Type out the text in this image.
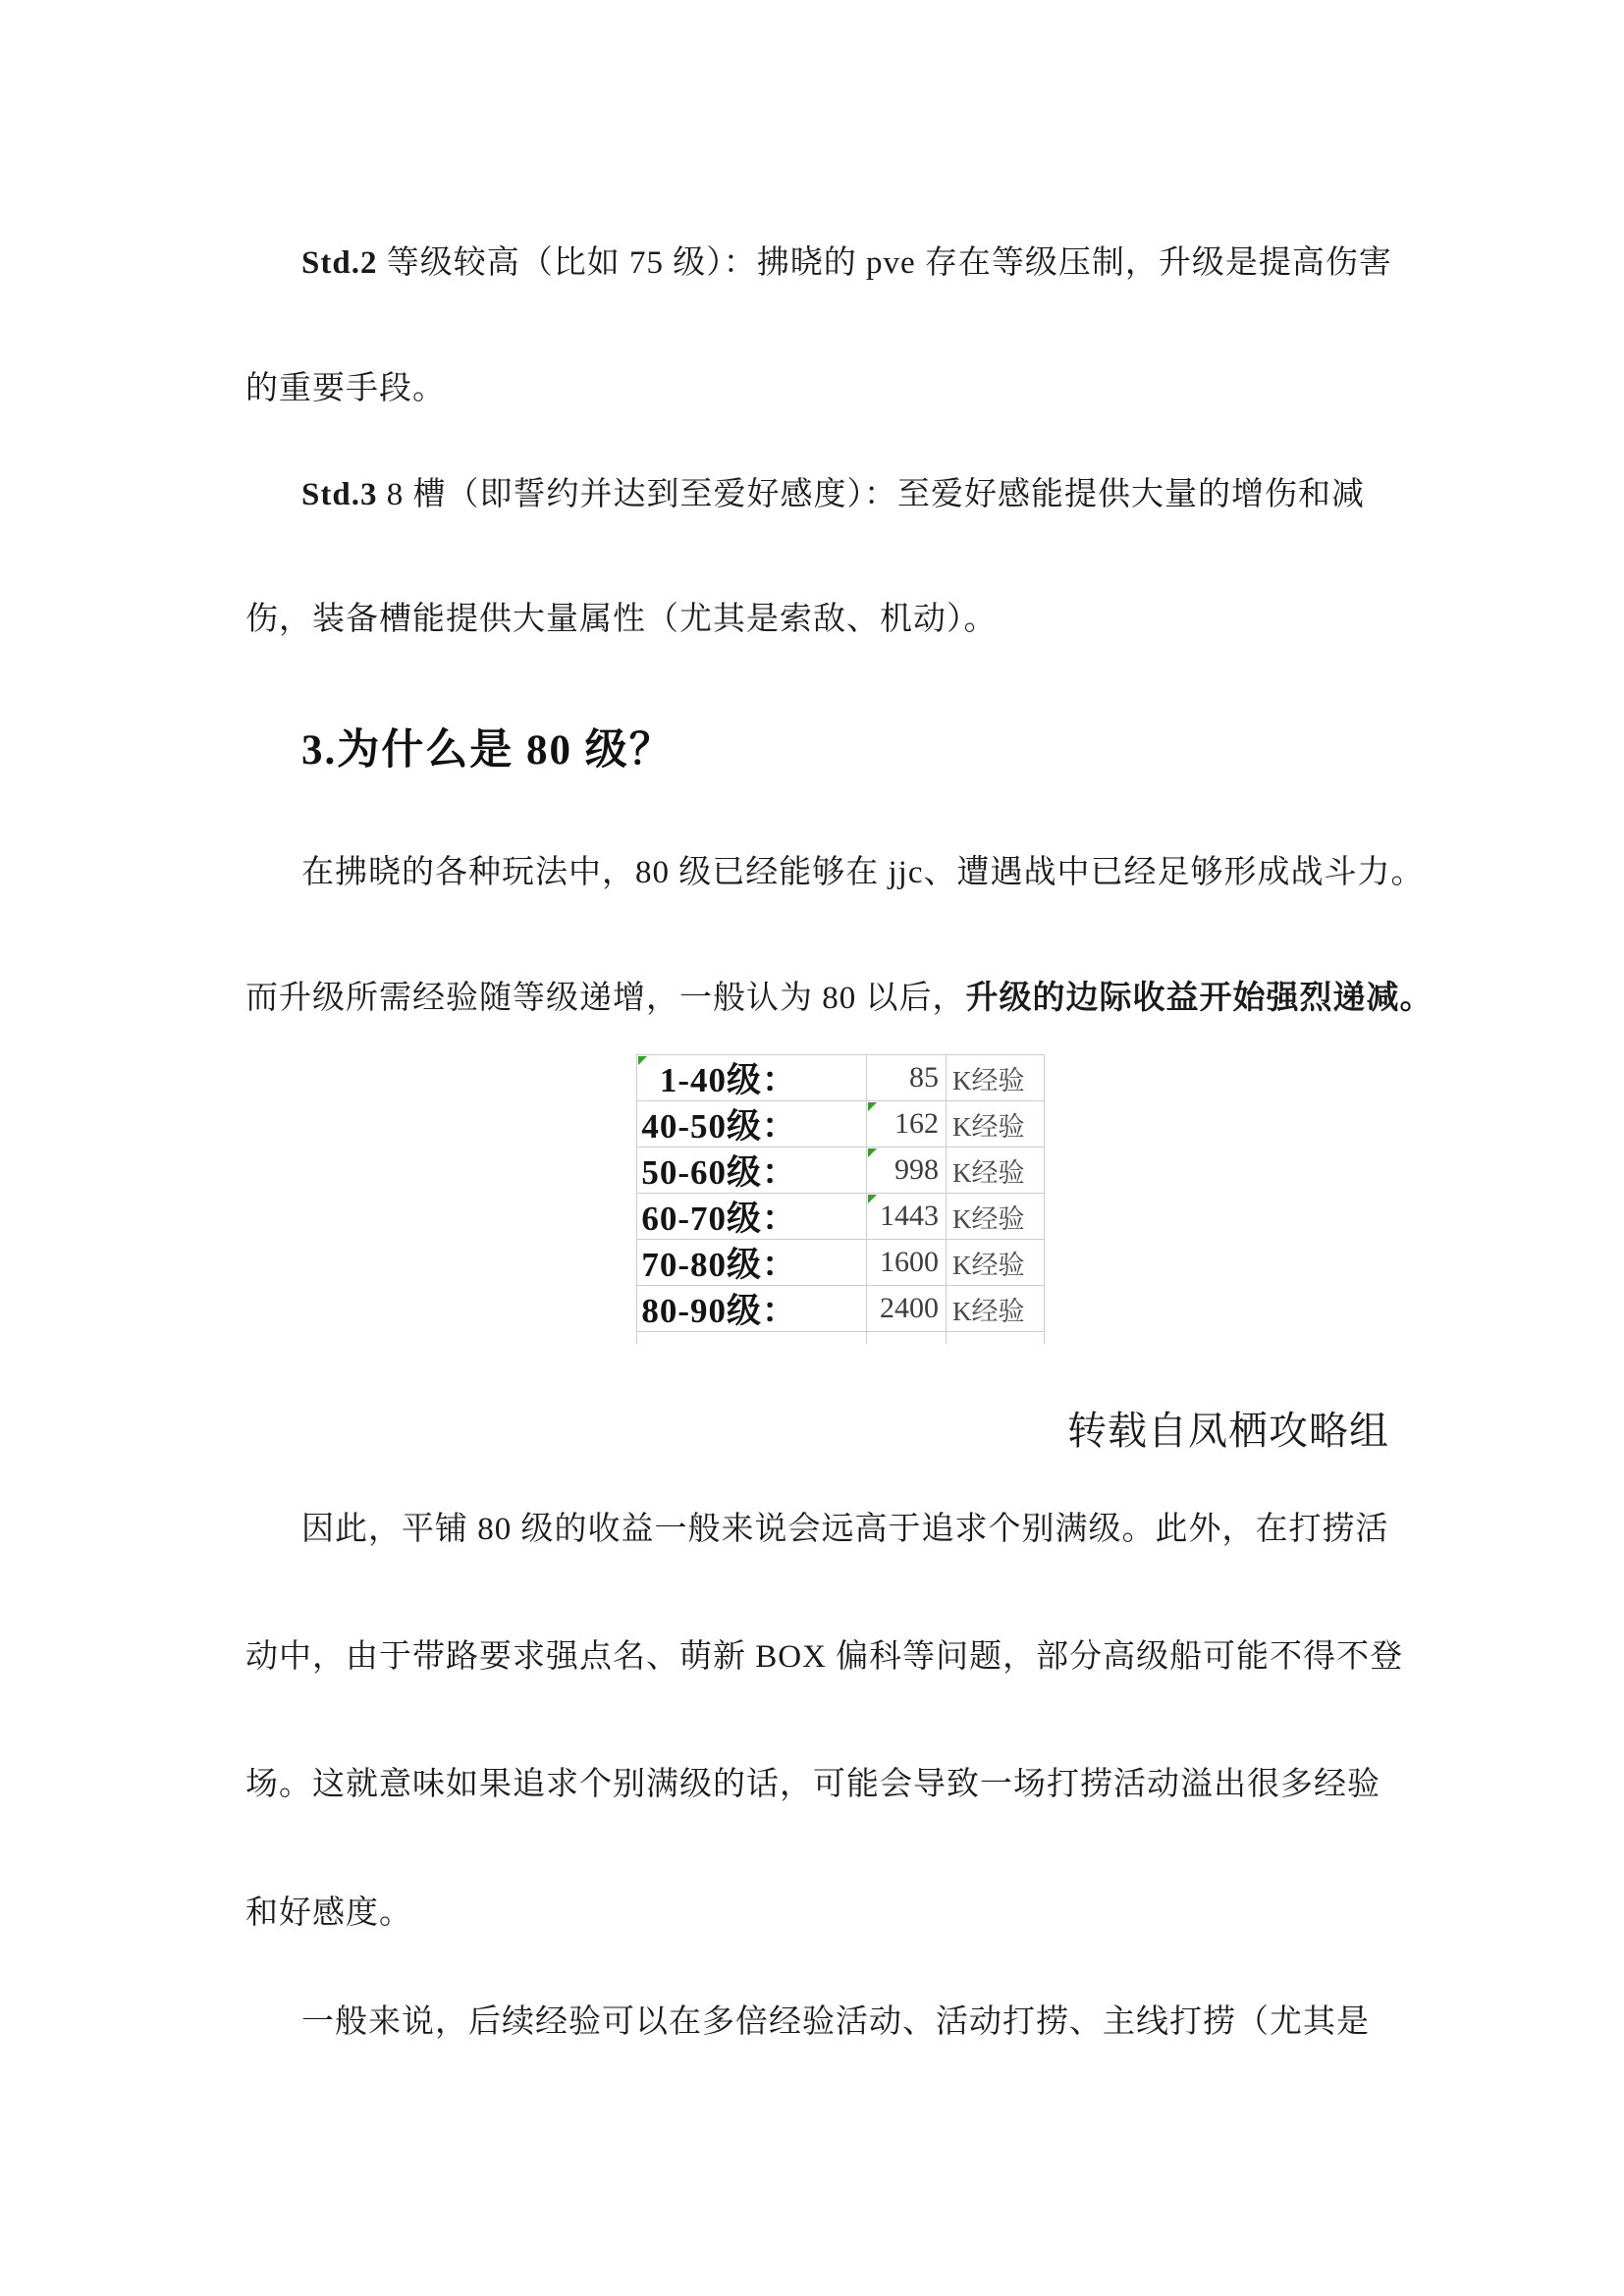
Std.2 等级较高（比如 75 级）：拂晓的 pve 存在等级压制，升级是提高伤害
的重要手段。
Std.3 8 槽（即誓约并达到至爱好感度）：至爱好感能提供大量的增伤和减
伤，装备槽能提供大量属性（尤其是索敌、机动）。
3.为什么是 80 级？
在拂晓的各种玩法中，80 级已经能够在 jjc、遭遇战中已经足够形成战斗力。
而升级所需经验随等级递增，一般认为 80 以后，升级的边际收益开始强烈递减。
因此，平铺 80 级的收益一般来说会远高于追求个别满级。此外，在打捞活
动中，由于带路要求强点名、萌新 BOX 偏科等问题，部分高级船可能不得不登
场。这就意味如果追求个别满级的话，可能会导致一场打捞活动溢出很多经验
和好感度。
一般来说，后续经验可以在多倍经验活动、活动打捞、主线打捞（尤其是
1-40级：	85 K经验
40-50级：	162 K经验
50-60级：	998 K经验
60-70级：	1443 K经验
70-80级：	1600 K经验
80-90级：	2400 K经验
转载自凤栖攻略组
